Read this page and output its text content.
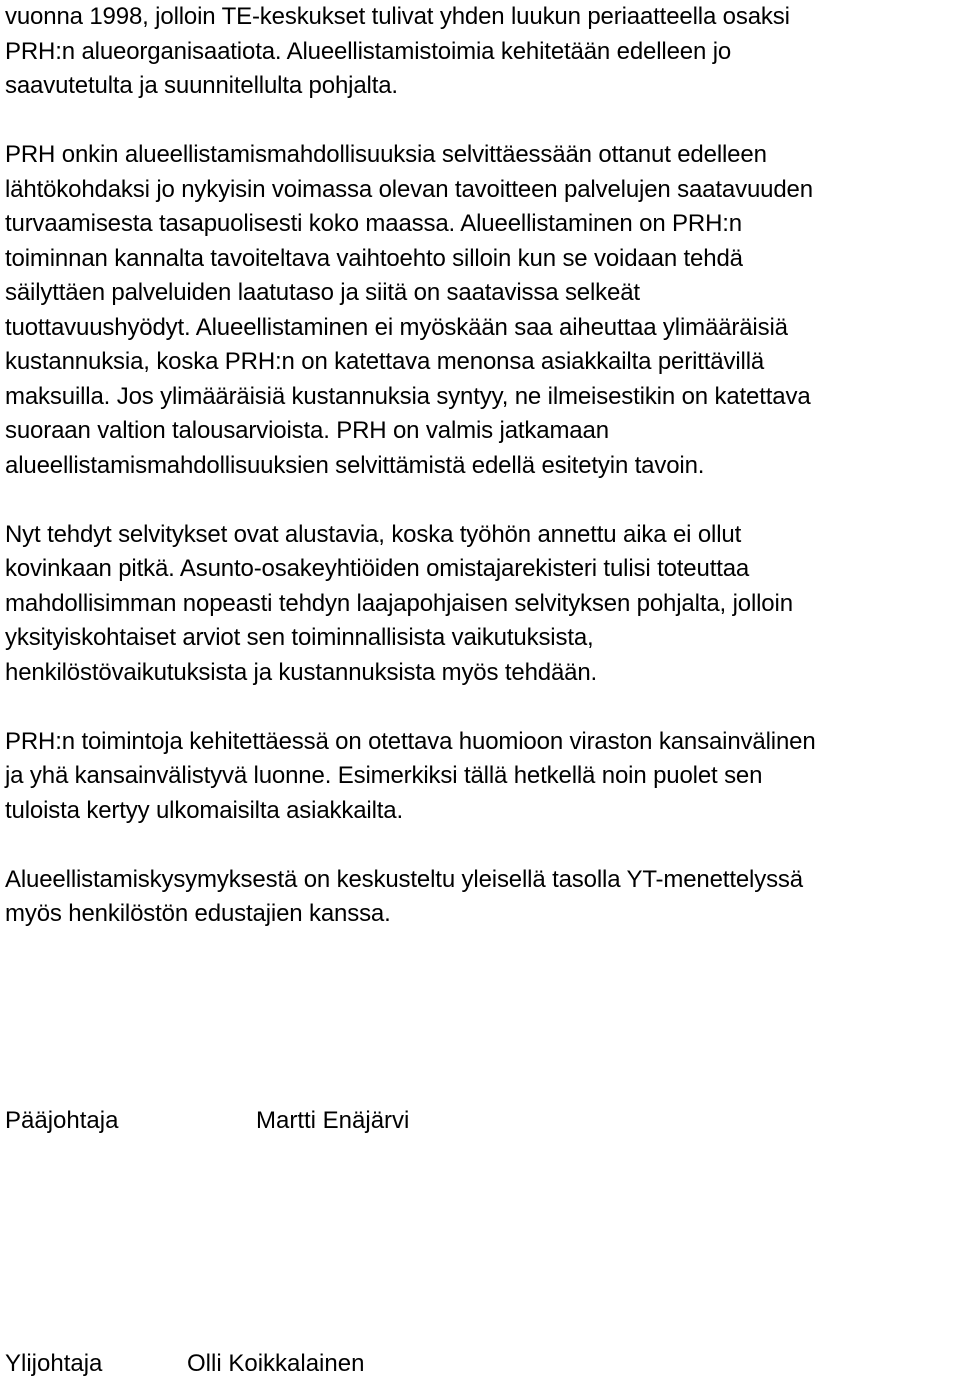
vuonna 1998, jolloin TE-keskukset tulivat yhden luukun periaatteella osaksi
PRH:n alueorganisaatiota. Alueellistamistoimia kehitetään edelleen jo
saavutetulta ja suunnitellulta pohjalta.
PRH onkin alueellistamismahdollisuuksia selvittäessään ottanut edelleen
lähtökohdaksi jo nykyisin voimassa olevan tavoitteen palvelujen saatavuuden
turvaamisesta tasapuolisesti koko maassa. Alueellistaminen on PRH:n
toiminnan kannalta tavoiteltava vaihtoehto silloin kun se voidaan tehdä
säilyttäen palveluiden laatutaso ja siitä on saatavissa selkeät
tuottavuushyödyt. Alueellistaminen ei myöskään saa aiheuttaa ylimääräisiä
kustannuksia, koska PRH:n on katettava menonsa asiakkailta perittävillä
maksuilla. Jos ylimääräisiä kustannuksia syntyy, ne ilmeisestikin on katettava
suoraan valtion talousarvioista. PRH on valmis jatkamaan
alueellistamismahdollisuuksien selvittämistä edellä esitetyin tavoin.
Nyt tehdyt selvitykset ovat alustavia, koska työhön annettu aika ei ollut
kovinkaan pitkä. Asunto-osakeyhtiöiden omistajarekisteri tulisi toteuttaa
mahdollisimman nopeasti tehdyn laajapohjaisen selvityksen pohjalta, jolloin
yksityiskohtaiset arviot sen toiminnallisista vaikutuksista,
henkilöstövaikutuksista ja kustannuksista myös tehdään.
PRH:n toimintoja kehitettäessä on otettava huomioon viraston kansainvälinen
ja yhä kansainvälistyvä luonne. Esimerkiksi tällä hetkellä noin puolet sen
tuloista kertyy ulkomaisilta asiakkailta.
Alueellistamiskysymyksestä on keskusteltu yleisellä tasolla YT-menettelyssä
myös henkilöstön edustajien kanssa.
Pääjohtaja	Martti Enäjärvi
Ylijohtaja	Olli Koikkalainen
